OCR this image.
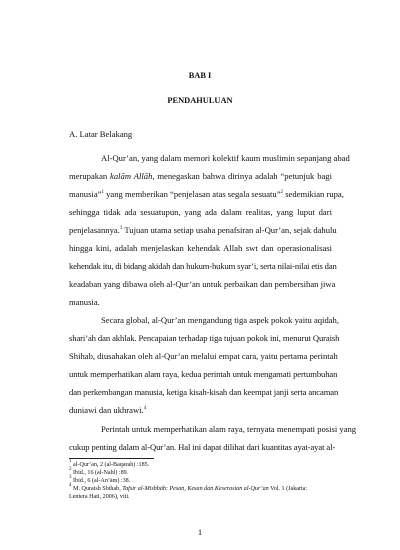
BAB I
PENDAHULUAN
A. Latar Belakang
Al-Qur’an, yang dalam memori kolektif kaum muslimin sepanjang abad
merupakan kalām Allāh, menegaskan bahwa dirinya adalah “petunjuk bagi
manusia”$^1$ yang memberikan “penjelasan atas segala sesuatu”$^2$ sedemikian rupa,
sehingga tidak ada sesuatupun, yang ada dalam realitas, yang luput dari
penjelasannya.$^3$ Tujuan utama setiap usaha penafsiran al-Qur’an, sejak dahulu
hingga kini, adalah menjelaskan kehendak Allah swt dan operasionalisasi
kehendak itu, di bidang akidah dan hukum-hukum syar’i, serta nilai-nilai etis dan
keadaban yang dibawa oleh al-Qur’an untuk perbaikan dan pembersihan jiwa
manusia.
Secara global, al-Qur’an mengandung tiga aspek pokok yaitu aqidah,
shari’ah dan akhlak. Pencapaian terhadap tiga tujuan pokok ini, menurut Quraish
Shihab, diusahakan oleh al-Qur’an melalui empat cara, yaitu pertama perintah
untuk memperhatikan alam raya, kedua perintah untuk mengamati pertumbuhan
dan perkembangan manusia, ketiga kisah-kisah dan keempat janji serta ancaman
duniawi dan ukhrawi.$^4$
Perintah untuk memperhatikan alam raya, ternyata menempati posisi yang
cukup penting dalam al-Qur’an. Hal ini dapat dilihat dari kuantitas ayat-ayat al-
$^1$ al-Qur’an, 2 (al-Baqarah) :185.
$^2$ Ibid., 16 (al-Nahl) :89.
$^3$ Ibid., 6 (al-An’ām) :38.
$^4$ M. Quraish Shihab, Tafsir al-Misbbāh: Pesan, Kesan dan Keserasian al-Qur’an Vol. 1 (Jakarta:
Lentera Hati, 2006), viii.
1
